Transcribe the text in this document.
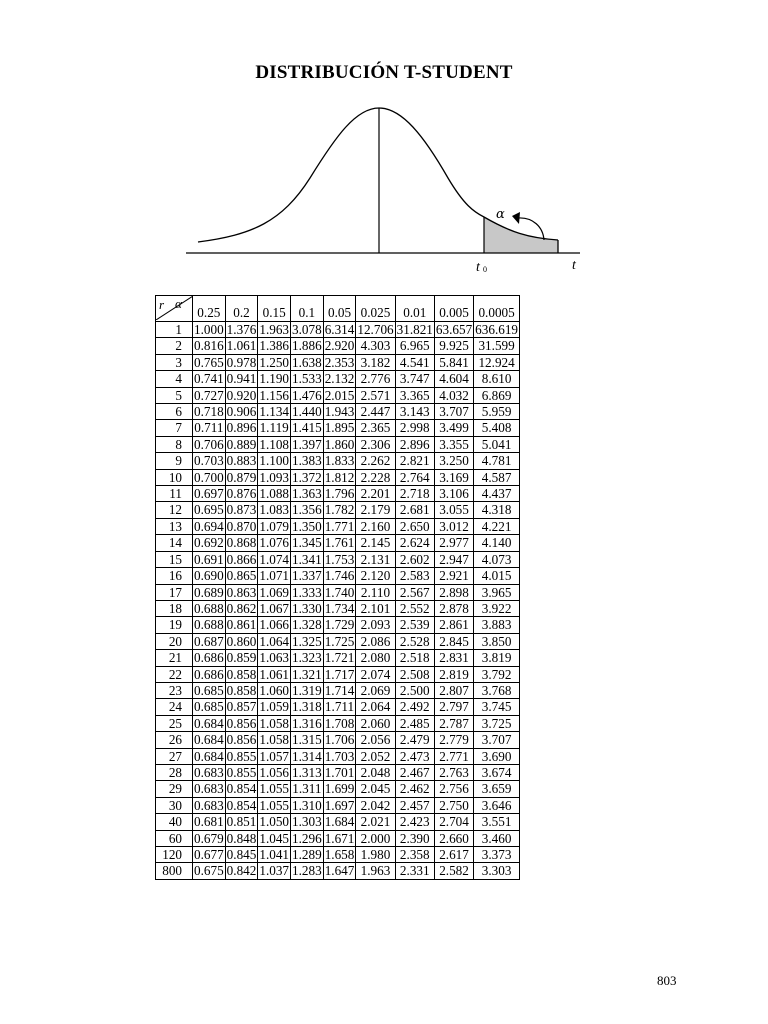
DISTRIBUCIÓN T-STUDENT
α
t 0	t
r α	0.25	0.2	0.15	0.1	0.05	0.025	0.01	0.005	0.0005
1	1.000	1.376	1.963	3.078	6.314	12.706	31.821	63.657	636.619
2	0.816	1.061	1.386	1.886	2.920	4.303	6.965	9.925	31.599
3	0.765	0.978	1.250	1.638	2.353	3.182	4.541	5.841	12.924
4	0.741	0.941	1.190	1.533	2.132	2.776	3.747	4.604	8.610
5	0.727	0.920	1.156	1.476	2.015	2.571	3.365	4.032	6.869
6	0.718	0.906	1.134	1.440	1.943	2.447	3.143	3.707	5.959
7	0.711	0.896	1.119	1.415	1.895	2.365	2.998	3.499	5.408
8	0.706	0.889	1.108	1.397	1.860	2.306	2.896	3.355	5.041
9	0.703	0.883	1.100	1.383	1.833	2.262	2.821	3.250	4.781
10	0.700	0.879	1.093	1.372	1.812	2.228	2.764	3.169	4.587
11	0.697	0.876	1.088	1.363	1.796	2.201	2.718	3.106	4.437
12	0.695	0.873	1.083	1.356	1.782	2.179	2.681	3.055	4.318
13	0.694	0.870	1.079	1.350	1.771	2.160	2.650	3.012	4.221
14	0.692	0.868	1.076	1.345	1.761	2.145	2.624	2.977	4.140
15	0.691	0.866	1.074	1.341	1.753	2.131	2.602	2.947	4.073
16	0.690	0.865	1.071	1.337	1.746	2.120	2.583	2.921	4.015
17	0.689	0.863	1.069	1.333	1.740	2.110	2.567	2.898	3.965
18	0.688	0.862	1.067	1.330	1.734	2.101	2.552	2.878	3.922
19	0.688	0.861	1.066	1.328	1.729	2.093	2.539	2.861	3.883
20	0.687	0.860	1.064	1.325	1.725	2.086	2.528	2.845	3.850
21	0.686	0.859	1.063	1.323	1.721	2.080	2.518	2.831	3.819
22	0.686	0.858	1.061	1.321	1.717	2.074	2.508	2.819	3.792
23	0.685	0.858	1.060	1.319	1.714	2.069	2.500	2.807	3.768
24	0.685	0.857	1.059	1.318	1.711	2.064	2.492	2.797	3.745
25	0.684	0.856	1.058	1.316	1.708	2.060	2.485	2.787	3.725
26	0.684	0.856	1.058	1.315	1.706	2.056	2.479	2.779	3.707
27	0.684	0.855	1.057	1.314	1.703	2.052	2.473	2.771	3.690
28	0.683	0.855	1.056	1.313	1.701	2.048	2.467	2.763	3.674
29	0.683	0.854	1.055	1.311	1.699	2.045	2.462	2.756	3.659
30	0.683	0.854	1.055	1.310	1.697	2.042	2.457	2.750	3.646
40	0.681	0.851	1.050	1.303	1.684	2.021	2.423	2.704	3.551
60	0.679	0.848	1.045	1.296	1.671	2.000	2.390	2.660	3.460
120	0.677	0.845	1.041	1.289	1.658	1.980	2.358	2.617	3.373
800	0.675	0.842	1.037	1.283	1.647	1.963	2.331	2.582	3.303
803
